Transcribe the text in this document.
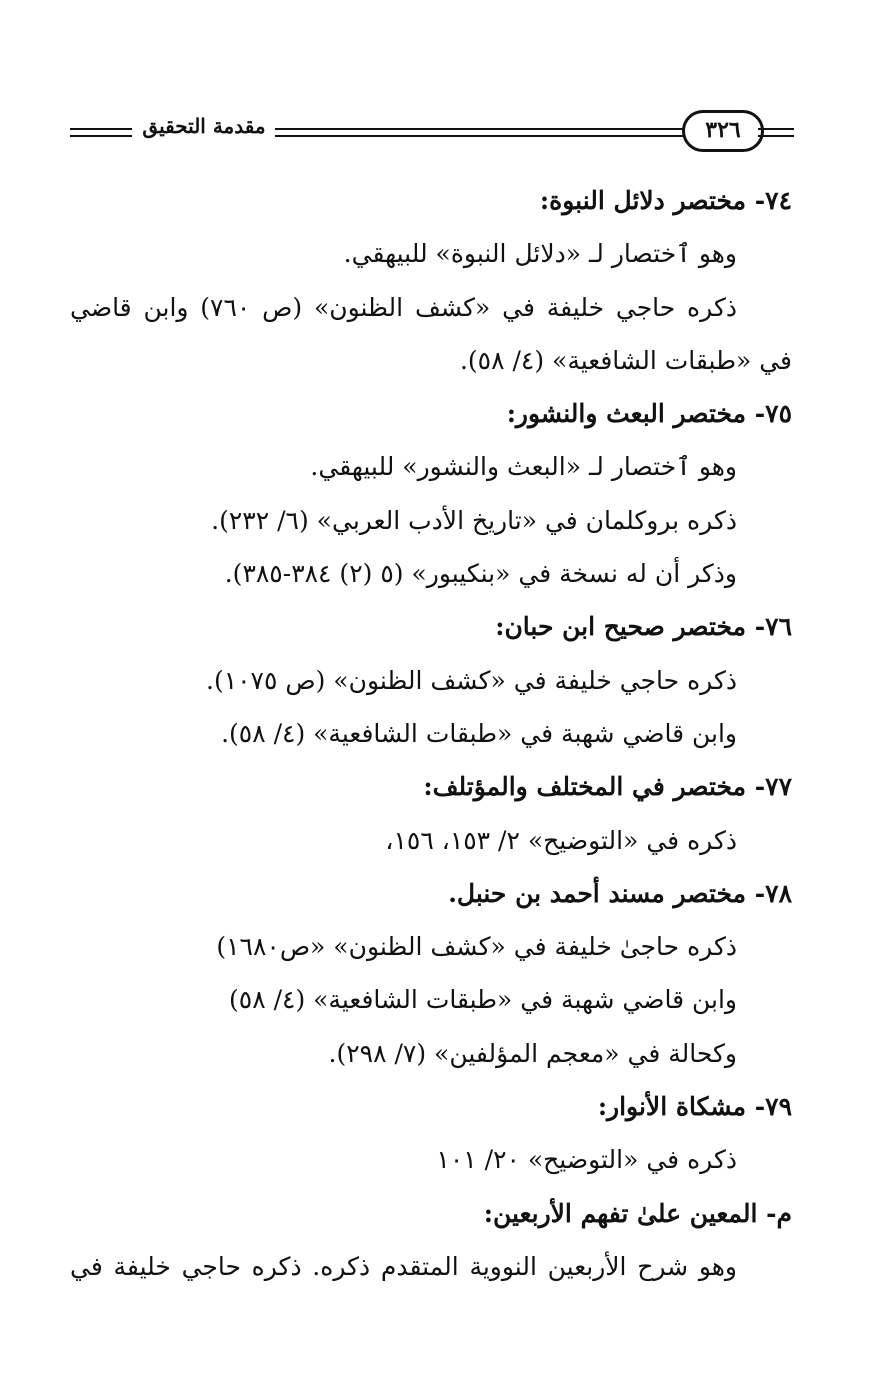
مقدمة التحقيق	٣٢٦
٧٤- مختصر دلائل النبوة:
وهو ٱختصار لـ «دلائل النبوة» للبيهقي.
ذكره حاجي خليفة في «كشف الظنون» (ص ٧٦٠) وابن قاضي
في «طبقات الشافعية» (٤/ ٥٨).
٧٥- مختصر البعث والنشور:
وهو ٱختصار لـ «البعث والنشور» للبيهقي.
ذكره بروكلمان في «تاريخ الأدب العربي» (٦/ ٢٣٢).
وذكر أن له نسخة في «بنكيبور» (٥ (٢) ٣٨٤-٣٨٥).
٧٦- مختصر صحيح ابن حبان:
ذكره حاجي خليفة في «كشف الظنون» (ص ١٠٧٥).
وابن قاضي شهبة في «طبقات الشافعية» (٤/ ٥٨).
٧٧- مختصر في المختلف والمؤتلف:
ذكره في «التوضيح» ٢/ ١٥٣، ١٥٦،
٧٨- مختصر مسند أحمد بن حنبل.
ذكره حاجىٰ خليفة في «كشف الظنون» «ص١٦٨٠)
وابن قاضي شهبة في «طبقات الشافعية» (٤/ ٥٨)
وكحالة في «معجم المؤلفين» (٧/ ٢٩٨).
٧٩- مشكاة الأنوار:
ذكره في «التوضيح» ٢٠/ ١٠١
م- المعين علىٰ تفهم الأربعين:
وهو شرح الأربعين النووية المتقدم ذكره. ذكره حاجي خليفة في
